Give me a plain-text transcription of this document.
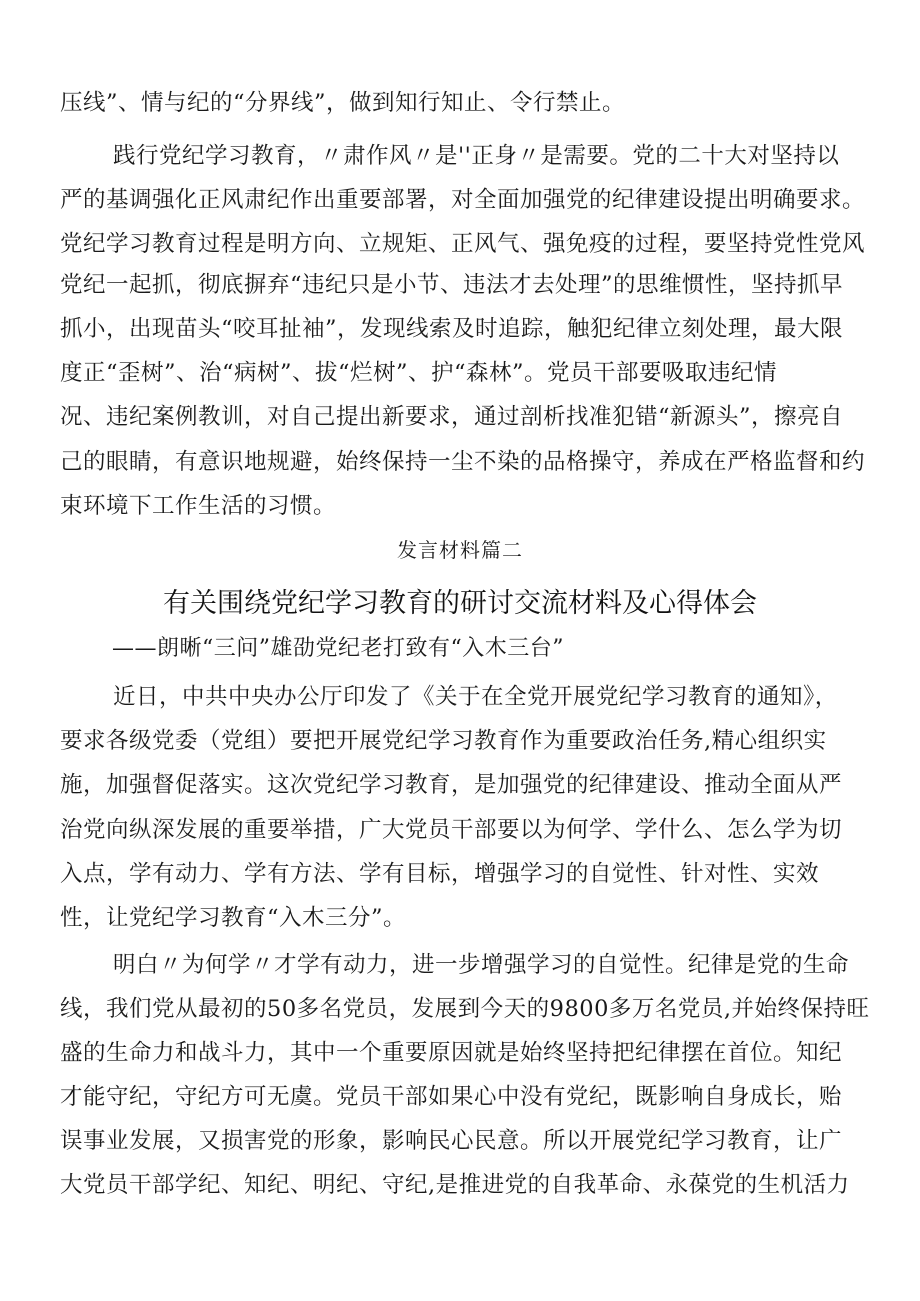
压线”、情与纪的“分界线”，做到知行知止、令行禁止。
践行党纪学习教育，〃肃作风〃是''正身〃是需要。党的二十大对坚持以
严的基调强化正风肃纪作出重要部署，对全面加强党的纪律建设提出明确要求。
党纪学习教育过程是明方向、立规矩、正风气、强免疫的过程，要坚持党性党风
党纪一起抓，彻底摒弃“违纪只是小节、违法才去处理”的思维惯性，坚持抓早
抓小，出现苗头“咬耳扯袖”，发现线索及时追踪，触犯纪律立刻处理，最大限
度正“歪树”、治“病树”、拔“烂树”、护“森林”。党员干部要吸取违纪情
况、违纪案例教训，对自己提出新要求，通过剖析找准犯错“新源头”，擦亮自
己的眼睛，有意识地规避，始终保持一尘不染的品格操守，养成在严格监督和约
束环境下工作生活的习惯。
发言材料篇二
有关围绕党纪学习教育的研讨交流材料及心得体会
——朗晰“三问”雄劭党纪老打致有“入木三台”
近日，中共中央办公厅印发了《关于在全党开展党纪学习教育的通知》，
要求各级党委（党组）要把开展党纪学习教育作为重要政治任务,精心组织实
施，加强督促落实。这次党纪学习教育，是加强党的纪律建设、推动全面从严
治党向纵深发展的重要举措，广大党员干部要以为何学、学什么、怎么学为切
入点，学有动力、学有方法、学有目标，增强学习的自觉性、针对性、实效
性，让党纪学习教育“入木三分”。
明白〃为何学〃才学有动力，进一步增强学习的自觉性。纪律是党的生命
线，我们党从最初的50多名党员，发展到今天的9800多万名党员,并始终保持旺
盛的生命力和战斗力，其中一个重要原因就是始终坚持把纪律摆在首位。知纪
才能守纪，守纪方可无虞。党员干部如果心中没有党纪，既影响自身成长，贻
误事业发展，又损害党的形象，影响民心民意。所以开展党纪学习教育，让广
大党员干部学纪、知纪、明纪、守纪,是推进党的自我革命、永葆党的生机活力
